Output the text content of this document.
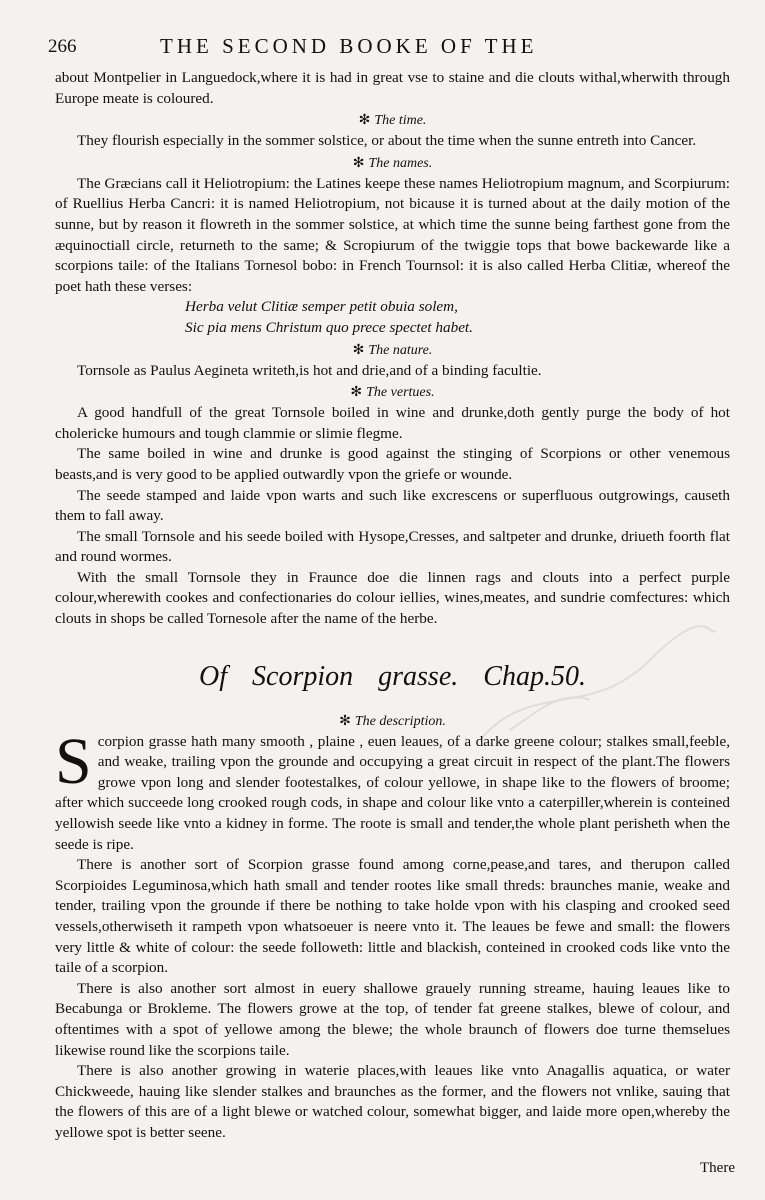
266	THE SECOND BOOKE OF THE

about Montpelier in Languedock,where it is had in great vse to staine and die clouts withal,wherwith through Europe meate is coloured.

✻ The time.

They flourish especially in the sommer solstice, or about the time when the sunne entreth into Cancer.

✻ The names.

The Græcians call it Heliotropium: the Latines keepe these names Heliotropium magnum, and Scorpiurum: of Ruellius Herba Cancri: it is named Heliotropium, not bicause it is turned about at the daily motion of the sunne, but by reason it flowreth in the sommer solstice, at which time the sunne being farthest gone from the æquinoctiall circle, returneth to the same; & Scropiurum of the twiggie tops that bowe backewarde like a scorpions taile: of the Italians Tornesol bobo: in French Tournsol: it is also called Herba Clitiæ, whereof the poet hath these verses:

Herba velut Clitiæ semper petit obuia solem,

Sic pia mens Christum quo prece spectet habet.

✻ The nature.

Tornsole as Paulus Aegineta writeth,is hot and drie,and of a binding facultie.

✻ The vertues.

A good handfull of the great Tornsole boiled in wine and drunke,doth gently purge the body of hot cholericke humours and tough clammie or slimie flegme.

The same boiled in wine and drunke is good against the stinging of Scorpions or other venemous beasts,and is very good to be applied outwardly vpon the griefe or wounde.

The seede stamped and laide vpon warts and such like excrescens or superfluous outgrowings, causeth them to fall away.

The small Tornsole and his seede boiled with Hysope,Cresses, and saltpeter and drunke, driueth foorth flat and round wormes.

With the small Tornsole they in Fraunce doe die linnen rags and clouts into a perfect purple colour,wherewith cookes and confectionaries do colour iellies, wines,meates, and sundrie comfectures: which clouts in shops be called Tornesole after the name of the herbe.

Of Scorpion grasse. Chap.50.
✻ The description.

Scorpion grasse hath many smooth , plaine , euen leaues, of a darke greene colour; stalkes small,feeble, and weake, trailing vpon the grounde and occupying a great circuit in respect of the plant.The flowers growe vpon long and slender footestalkes, of colour yellowe, in shape like to the flowers of broome; after which succeede long crooked rough cods, in shape and colour like vnto a caterpiller,wherein is conteined yellowish seede like vnto a kidney in forme. The roote is small and tender,the whole plant perisheth when the seede is ripe.

There is another sort of Scorpion grasse found among corne,pease,and tares, and therupon called Scorpioides Leguminosa,which hath small and tender rootes like small threds: braunches manie, weake and tender, trailing vpon the grounde if there be nothing to take holde vpon with his clasping and crooked seed vessels,otherwiseth it rampeth vpon whatsoeuer is neere vnto it. The leaues be fewe and small: the flowers very little & white of colour: the seede followeth: little and blackish, conteined in crooked cods like vnto the taile of a scorpion.

There is also another sort almost in euery shallowe grauely running streame, hauing leaues like to Becabunga or Brokleme. The flowers growe at the top, of tender fat greene stalkes, blewe of colour, and oftentimes with a spot of yellowe among the blewe; the whole braunch of flowers doe turne themselues likewise round like the scorpions taile.

There is also another growing in waterie places,with leaues like vnto Anagallis aquatica, or water Chickweede, hauing like slender stalkes and braunches as the former, and the flowers not vnlike, sauing that the flowers of this are of a light blewe or watched colour, somewhat bigger, and laide more open,whereby the yellowe spot is better seene.

There
